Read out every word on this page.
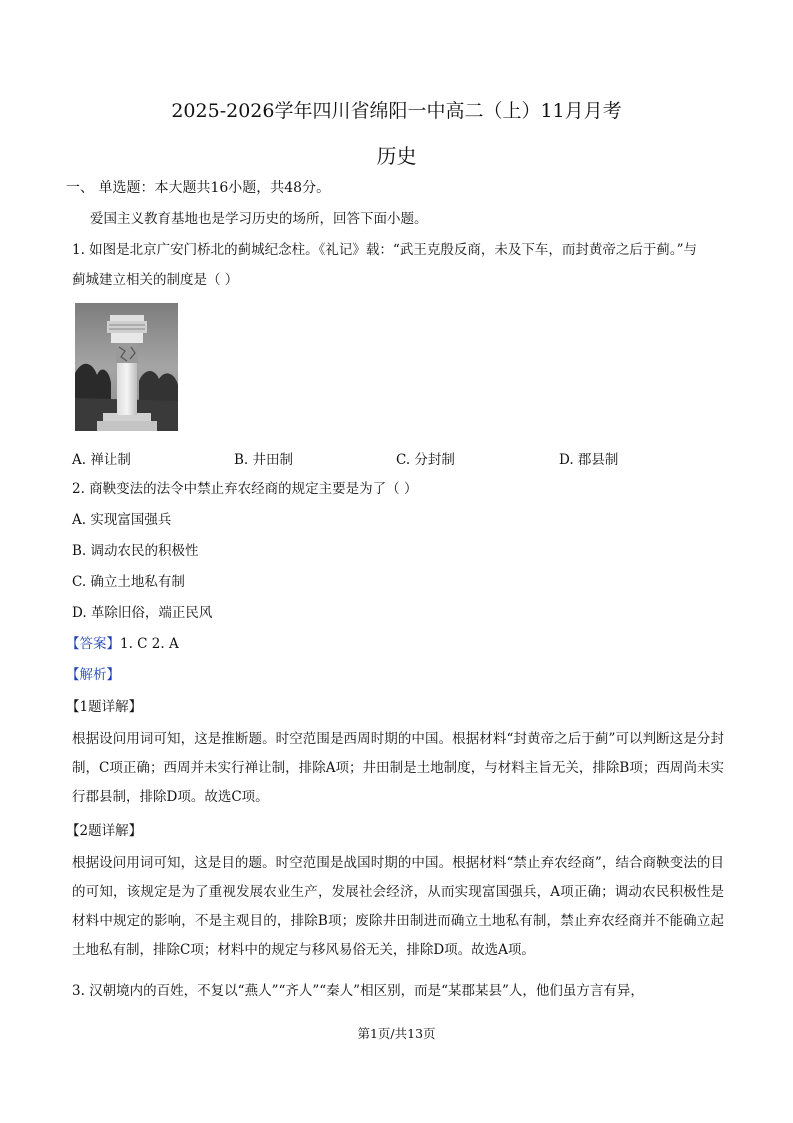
2025-2026学年四川省绵阳一中高二（上）11月月考
历史
一、 单选题：本大题共16小题，共48分。
爱国主义教育基地也是学习历史的场所，回答下面小题。
1. 如图是北京广安门桥北的蓟城纪念柱。《礼记》载：“武王克殷反商，未及下车，而封黄帝之后于蓟。”与
蓟城建立相关的制度是（ ）
A. 禅让制	B. 井田制	C. 分封制	D. 郡县制
2. 商鞅变法的法令中禁止弃农经商的规定主要是为了（ ）
A. 实现富国强兵
B. 调动农民的积极性
C. 确立土地私有制
D. 革除旧俗，端正民风
【答案】1. C 2. A
【解析】
【1题详解】
根据设问用词可知，这是推断题。时空范围是西周时期的中国。根据材料“封黄帝之后于蓟”可以判断这是分封制，C项正确；西周并未实行禅让制，排除A项；井田制是土地制度，与材料主旨无关，排除B项；西周尚未实行郡县制，排除D项。故选C项。
【2题详解】
根据设问用词可知，这是目的题。时空范围是战国时期的中国。根据材料“禁止弃农经商”，结合商鞅变法的目的可知，该规定是为了重视发展农业生产，发展社会经济，从而实现富国强兵，A项正确；调动农民积极性是材料中规定的影响，不是主观目的，排除B项；废除井田制进而确立土地私有制，禁止弃农经商并不能确立起土地私有制，排除C项；材料中的规定与移风易俗无关，排除D项。故选A项。
3. 汉朝境内的百姓，不复以“燕人”“齐人”“秦人”相区别，而是“某郡某县”人，他们虽方言有异，
第1页/共13页
